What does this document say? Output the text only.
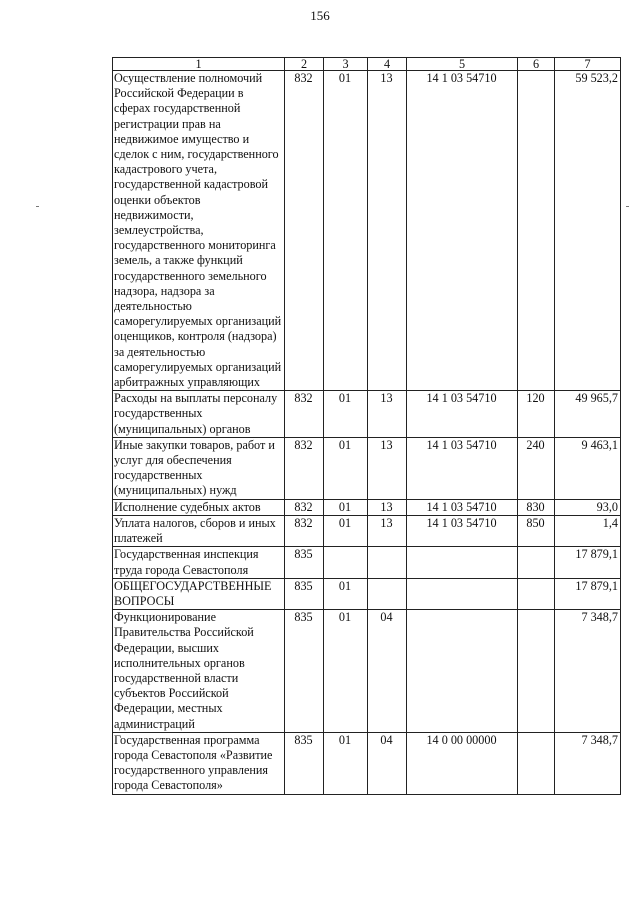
156
1	2	3	4	5	6	7
Осуществление полномочий Российской Федерации в сферах государственной регистрации прав на недвижимое имущество и сделок с ним, государственного кадастрового учета, государственной кадастровой оценки объектов недвижимости, землеустройства, государственного мониторинга земель, а также функций государственного земельного надзора, надзора за деятельностью саморегулируемых организаций оценщиков, контроля (надзора) за деятельностью саморегулируемых организаций арбитражных управляющих	832	01	13	14 1 03 54710		59 523,2
Расходы на выплаты персоналу государственных (муниципальных) органов	832	01	13	14 1 03 54710	120	49 965,7
Иные закупки товаров, работ и услуг для обеспечения государственных (муниципальных) нужд	832	01	13	14 1 03 54710	240	9 463,1
Исполнение судебных актов	832	01	13	14 1 03 54710	830	93,0
Уплата налогов, сборов и иных платежей	832	01	13	14 1 03 54710	850	1,4
Государственная инспекция труда города Севастополя	835					17 879,1
ОБЩЕГОСУДАРСТВЕННЫЕ ВОПРОСЫ	835	01				17 879,1
Функционирование Правительства Российской Федерации, высших исполнительных органов государственной власти субъектов Российской Федерации, местных администраций	835	01	04			7 348,7
Государственная программа города Севастополя «Развитие государственного управления города Севастополя»	835	01	04	14 0 00 00000		7 348,7
